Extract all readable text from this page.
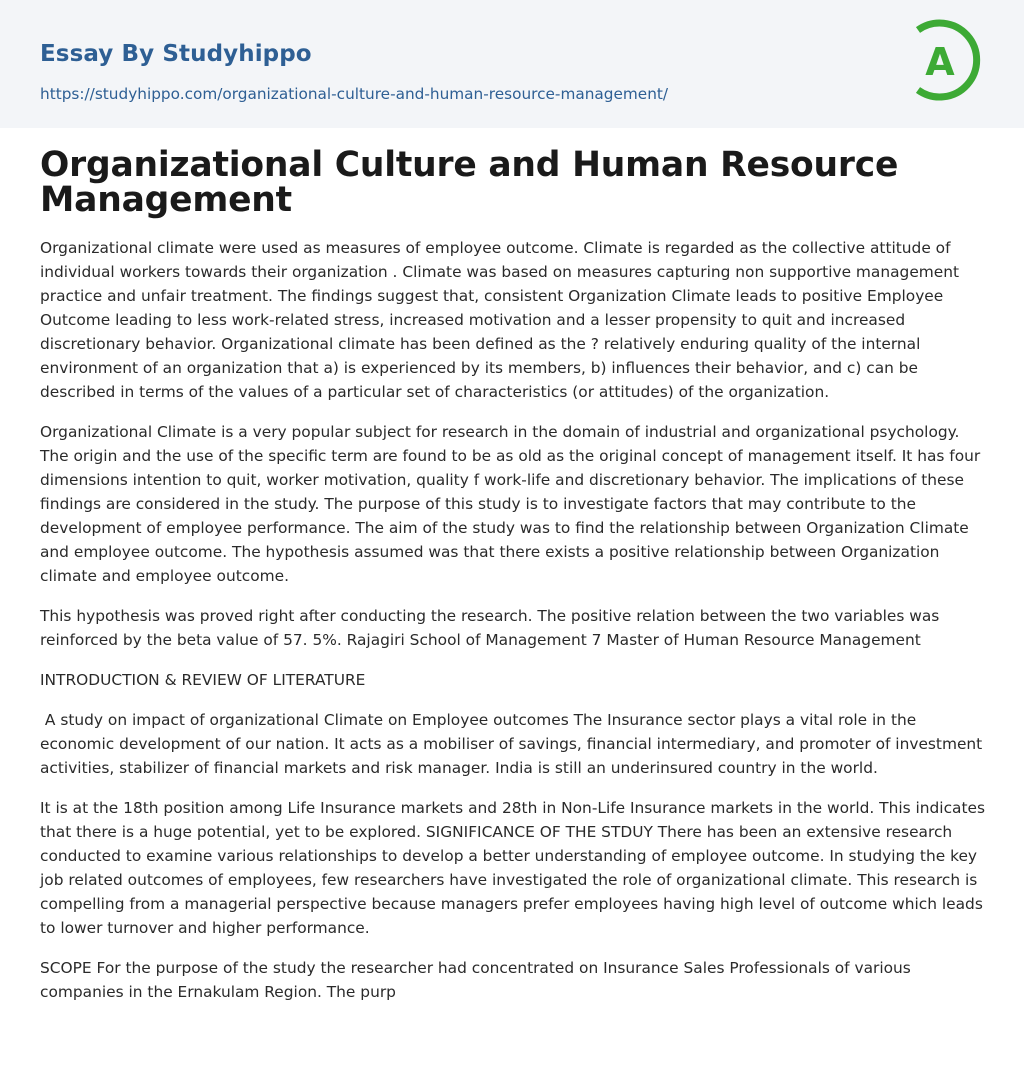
Essay By Studyhippo
https://studyhippo.com/organizational-culture-and-human-resource-management/
A
Organizational Culture and Human Resource Management

Organizational climate were used as measures of employee outcome. Climate is regarded as the collective attitude of individual workers towards their organization . Climate was based on measures capturing non supportive management practice and unfair treatment. The findings suggest that, consistent Organization Climate leads to positive Employee Outcome leading to less work-related stress, increased motivation and a lesser propensity to quit and increased discretionary behavior. Organizational climate has been defined as the ? relatively enduring quality of the internal environment of an organization that a) is experienced by its members, b) influences their behavior, and c) can be described in terms of the values of a particular set of characteristics (or attitudes) of the organization.

Organizational Climate is a very popular subject for research in the domain of industrial and organizational psychology. The origin and the use of the specific term are found to be as old as the original concept of management itself. It has four dimensions intention to quit, worker motivation, quality f work-life and discretionary behavior. The implications of these findings are considered in the study. The purpose of this study is to investigate factors that may contribute to the development of employee performance. The aim of the study was to find the relationship between Organization Climate and employee outcome. The hypothesis assumed was that there exists a positive relationship between Organization climate and employee outcome.

This hypothesis was proved right after conducting the research. The positive relation between the two variables was reinforced by the beta value of 57. 5%. Rajagiri School of Management 7 Master of Human Resource Management

INTRODUCTION & REVIEW OF LITERATURE

A study on impact of organizational Climate on Employee outcomes The Insurance sector plays a vital role in the economic development of our nation. It acts as a mobiliser of savings, financial intermediary, and promoter of investment activities, stabilizer of financial markets and risk manager. India is still an underinsured country in the world.

It is at the 18th position among Life Insurance markets and 28th in Non-Life Insurance markets in the world. This indicates that there is a huge potential, yet to be explored. SIGNIFICANCE OF THE STDUY There has been an extensive research conducted to examine various relationships to develop a better understanding of employee outcome. In studying the key job related outcomes of employees, few researchers have investigated the role of organizational climate. This research is compelling from a managerial perspective because managers prefer employees having high level of outcome which leads to lower turnover and higher performance.

SCOPE For the purpose of the study the researcher had concentrated on Insurance Sales Professionals of various companies in the Ernakulam Region. The purp
